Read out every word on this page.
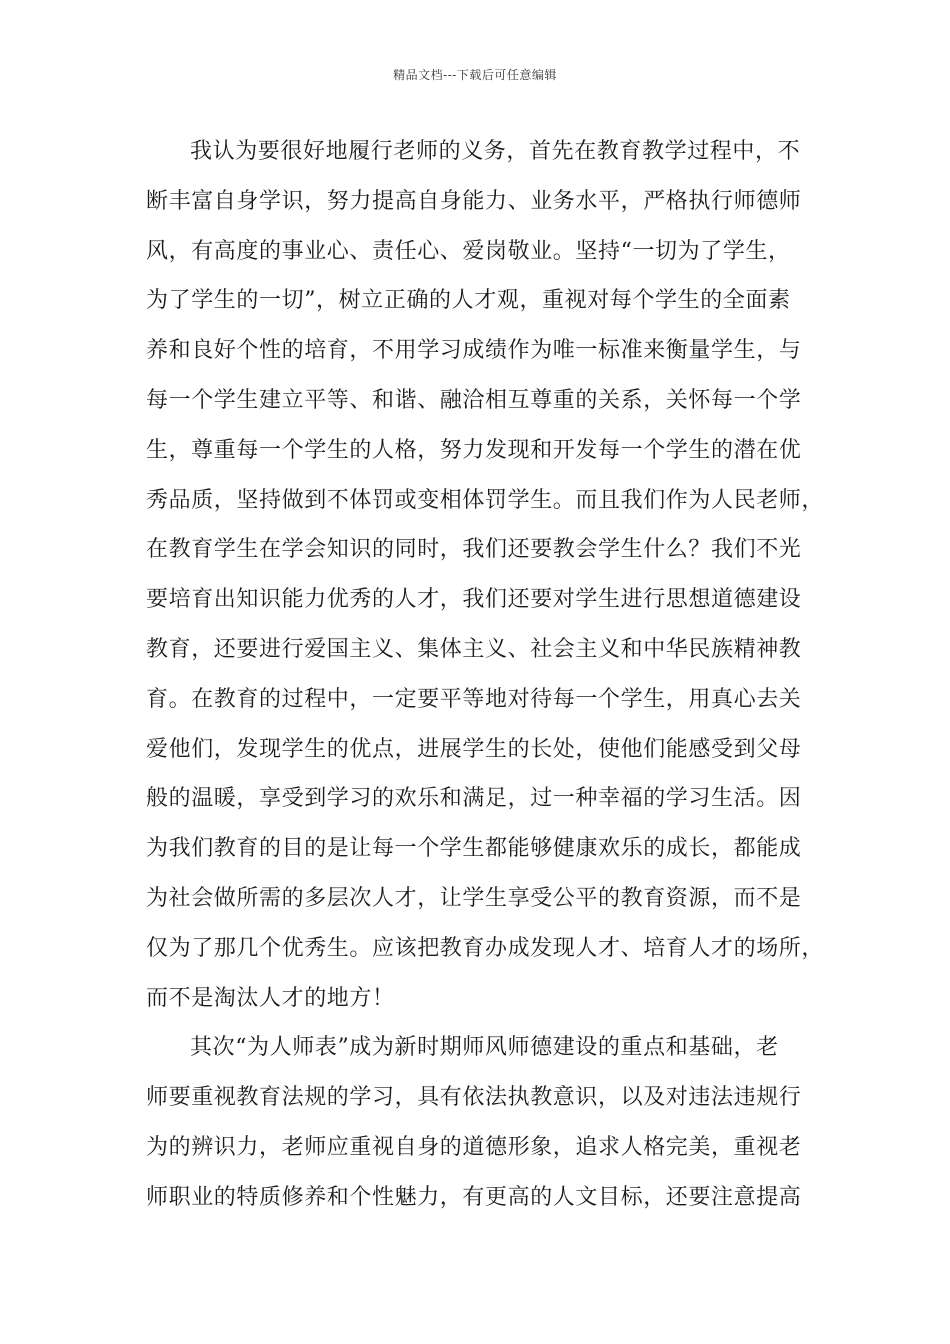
精品文档---下载后可任意编辑
我认为要很好地履行老师的义务，首先在教育教学过程中，不
断丰富自身学识，努力提高自身能力、业务水平，严格执行师德师
风，有高度的事业心、责任心、爱岗敬业。坚持“一切为了学生，
为了学生的一切”，树立正确的人才观，重视对每个学生的全面素
养和良好个性的培育，不用学习成绩作为唯一标准来衡量学生，与
每一个学生建立平等、和谐、融洽相互尊重的关系，关怀每一个学
生，尊重每一个学生的人格，努力发现和开发每一个学生的潜在优
秀品质，坚持做到不体罚或变相体罚学生。而且我们作为人民老师，
在教育学生在学会知识的同时，我们还要教会学生什么？我们不光
要培育出知识能力优秀的人才，我们还要对学生进行思想道德建设
教育，还要进行爱国主义、集体主义、社会主义和中华民族精神教
育。在教育的过程中，一定要平等地对待每一个学生，用真心去关
爱他们，发现学生的优点，进展学生的长处，使他们能感受到父母
般的温暖，享受到学习的欢乐和满足，过一种幸福的学习生活。因
为我们教育的目的是让每一个学生都能够健康欢乐的成长，都能成
为社会做所需的多层次人才，让学生享受公平的教育资源，而不是
仅为了那几个优秀生。应该把教育办成发现人才、培育人才的场所，
而不是淘汰人才的地方！
其次“为人师表”成为新时期师风师德建设的重点和基础，老
师要重视教育法规的学习，具有依法执教意识，以及对违法违规行
为的辨识力，老师应重视自身的道德形象，追求人格完美，重视老
师职业的特质修养和个性魅力，有更高的人文目标，还要注意提高
